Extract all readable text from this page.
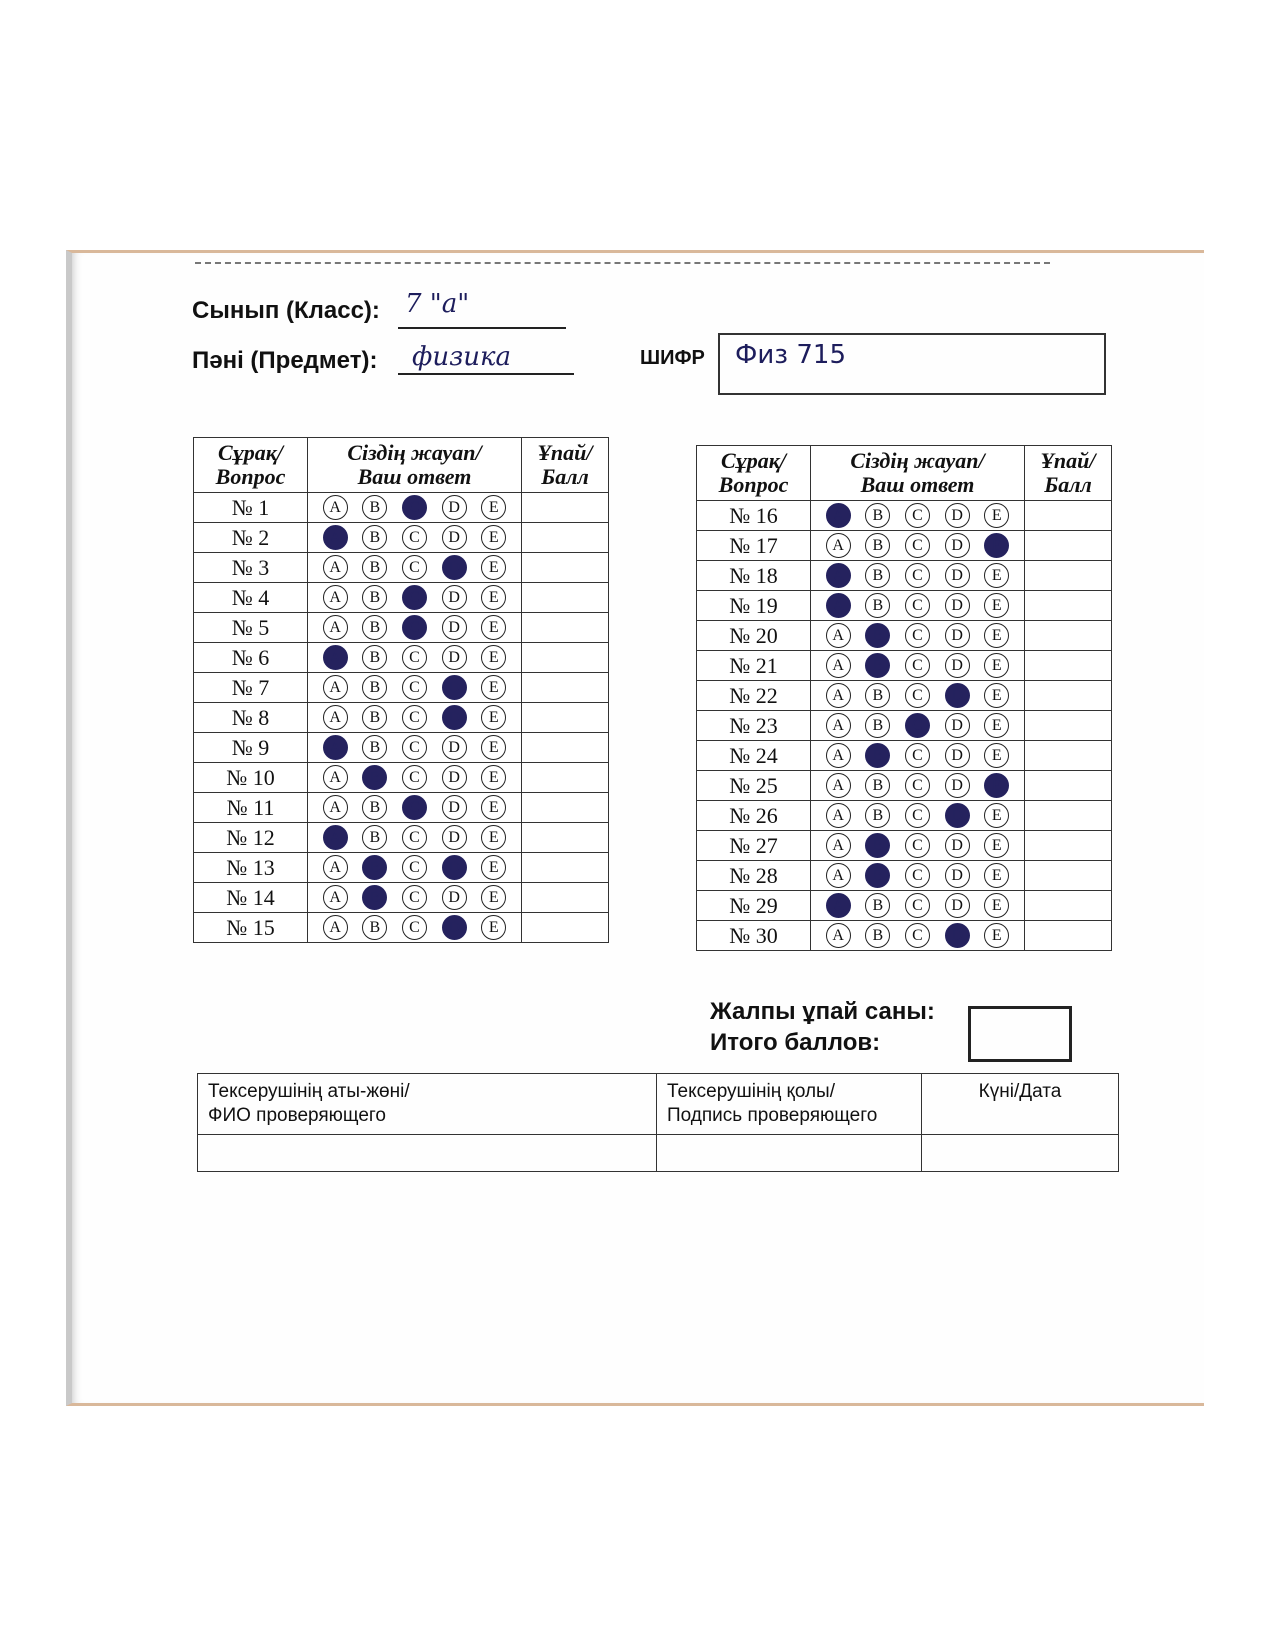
Сынып (Класс): 7 "a"
Пәні (Предмет): физика	ШИФР Физ 715
Сұрақ/
Вопрос	Сіздің жауап/
Ваш ответ	Ұпай/
Балл
№ 1	A B C D E	

№ 2	A B C D E	

№ 3	A B C D E	

№ 4	A B C D E	

№ 5	A B C D E	

№ 6	A B C D E	

№ 7	A B C D E	

№ 8	A B C D E	

№ 9	A B C D E	

№ 10	A B C D E	

№ 11	A B C D E	

№ 12	A B C D E	

№ 13	A B C D E	

№ 14	A B C D E	

№ 15	A B C D E	

Сұрақ/
Вопрос	Сіздің жауап/
Ваш ответ	Ұпай/
Балл
№ 16	A B C D E	

№ 17	A B C D E	

№ 18	A B C D E	

№ 19	A B C D E	

№ 20	A B C D E	

№ 21	A B C D E	

№ 22	A B C D E	

№ 23	A B C D E	

№ 24	A B C D E	

№ 25	A B C D E	

№ 26	A B C D E	

№ 27	A B C D E	

№ 28	A B C D E	

№ 29	A B C D E	

№ 30	A B C D E	

Жалпы ұпай саны:
Итого баллов:
Тексерушінің аты-жөні/
ФИО проверяющего	Тексерушінің қолы/
Подпись проверяющего	Күні/Дата
